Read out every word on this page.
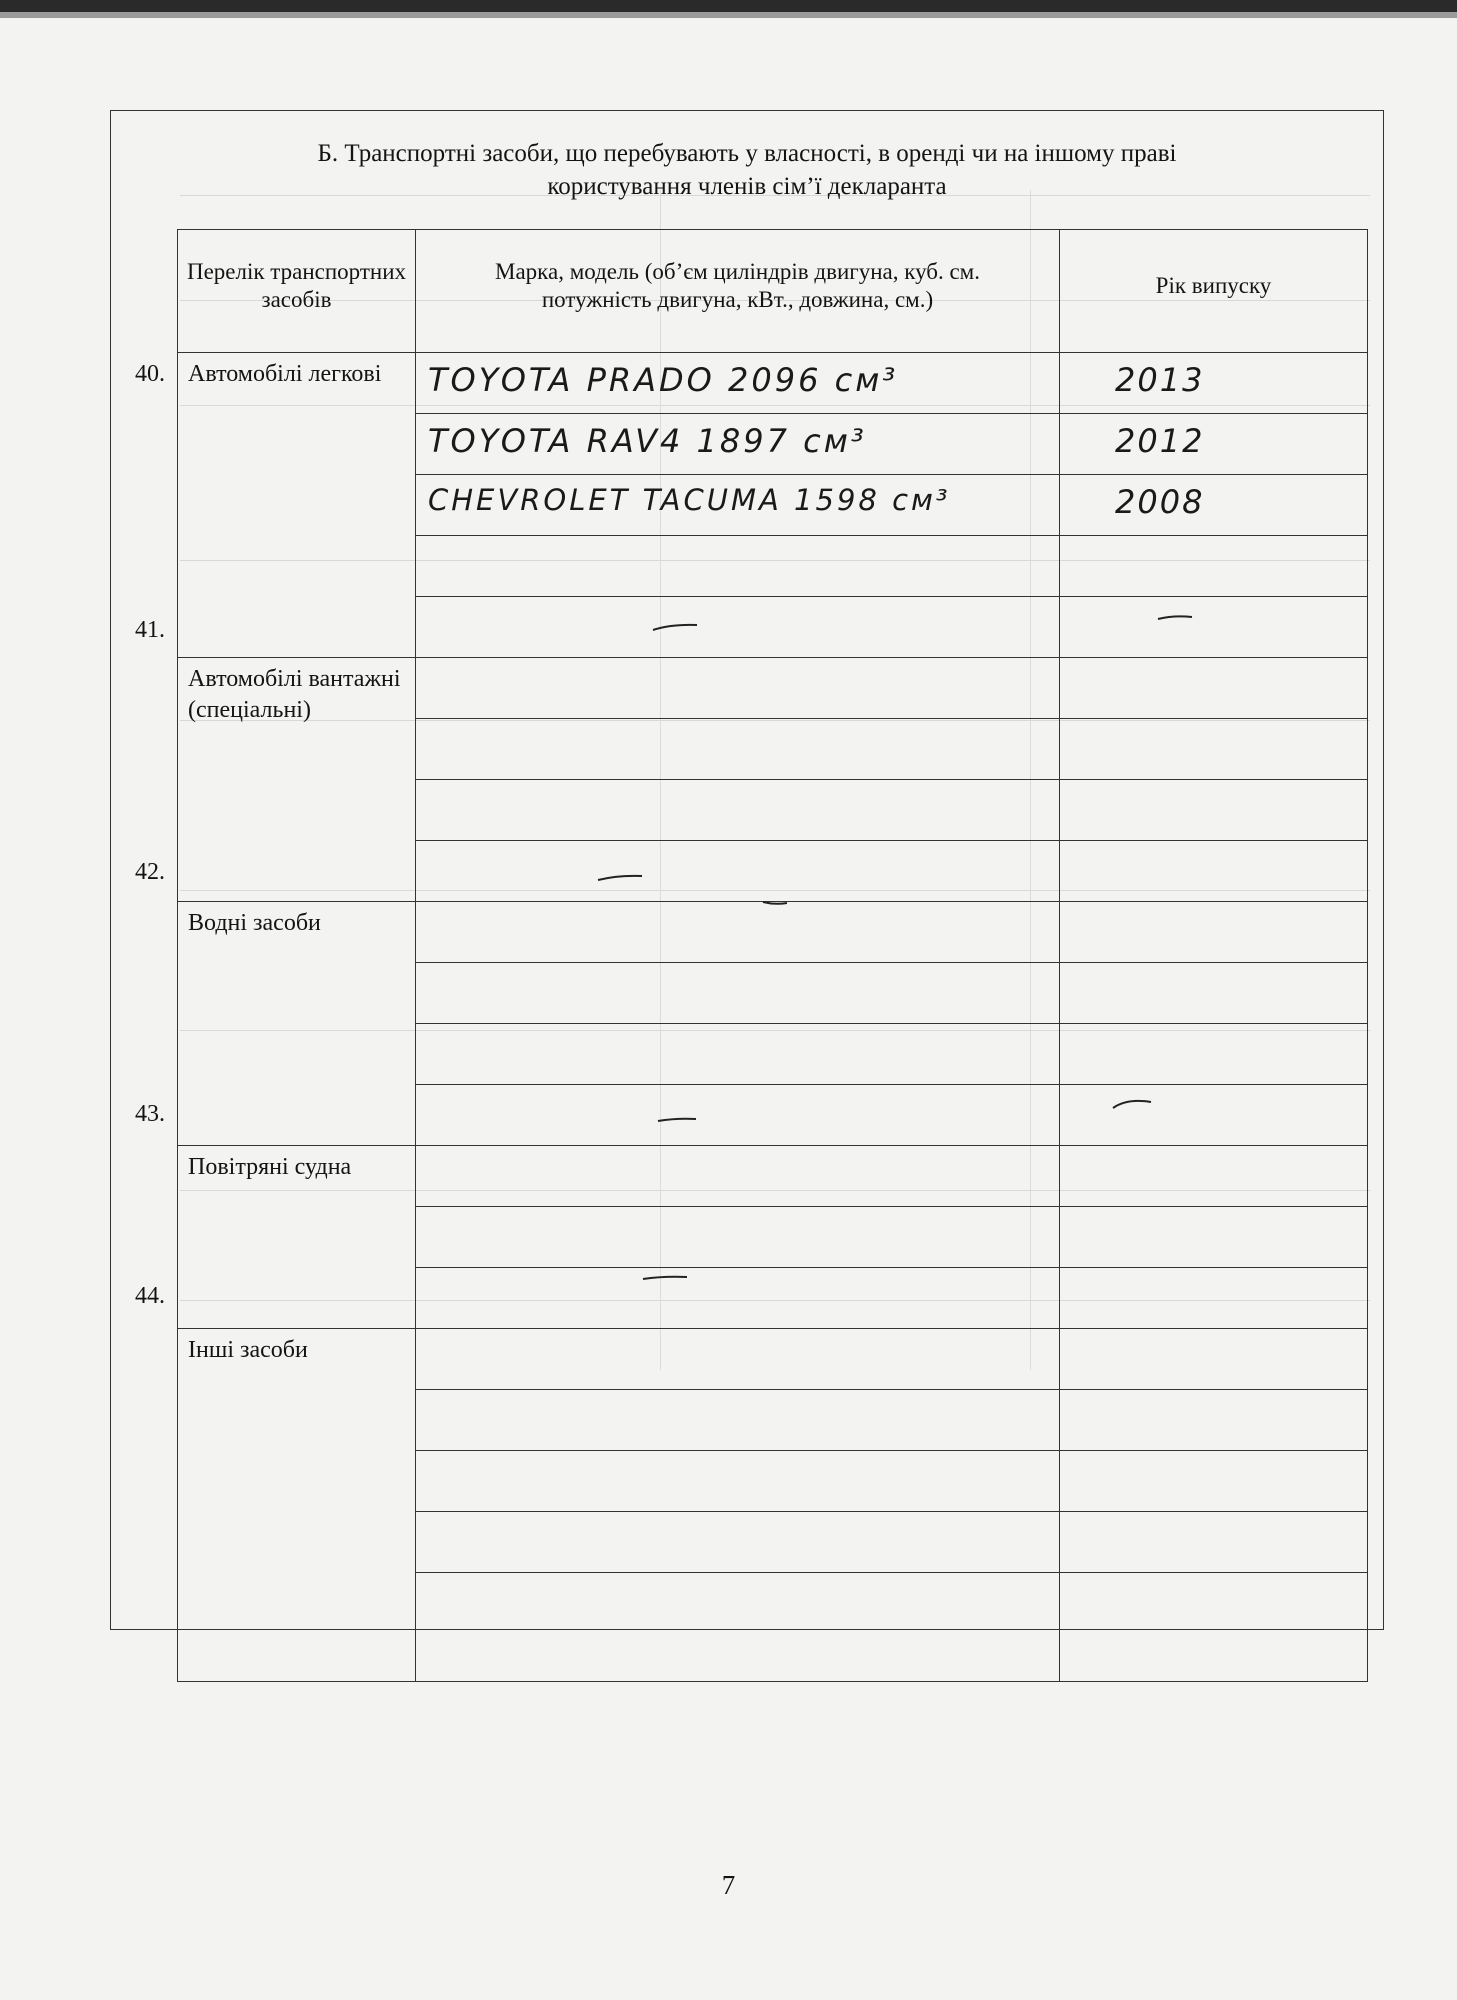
Б. Транспортні засоби, що перебувають у власності, в оренді чи на іншому праві
користування членів сім’ї декларанта
40.
41.
42.
43.
44.
Перелік транспортних засобів	Марка, модель (об’єм циліндрів двигуна, куб. см. потужність двигуна, кВт., довжина, см.)	Рік випуску

Автомобілі легкові	TOYOTA PRADO 2096 см³	2013

	TOYOTA RAV4 1897 см³	2012

	CHEVROLET TACUMA 1598 см³	2008

Автомобілі вантажні (спеціальні)		

Водні засоби		

Повітряні судна		

Інші засоби		

7
